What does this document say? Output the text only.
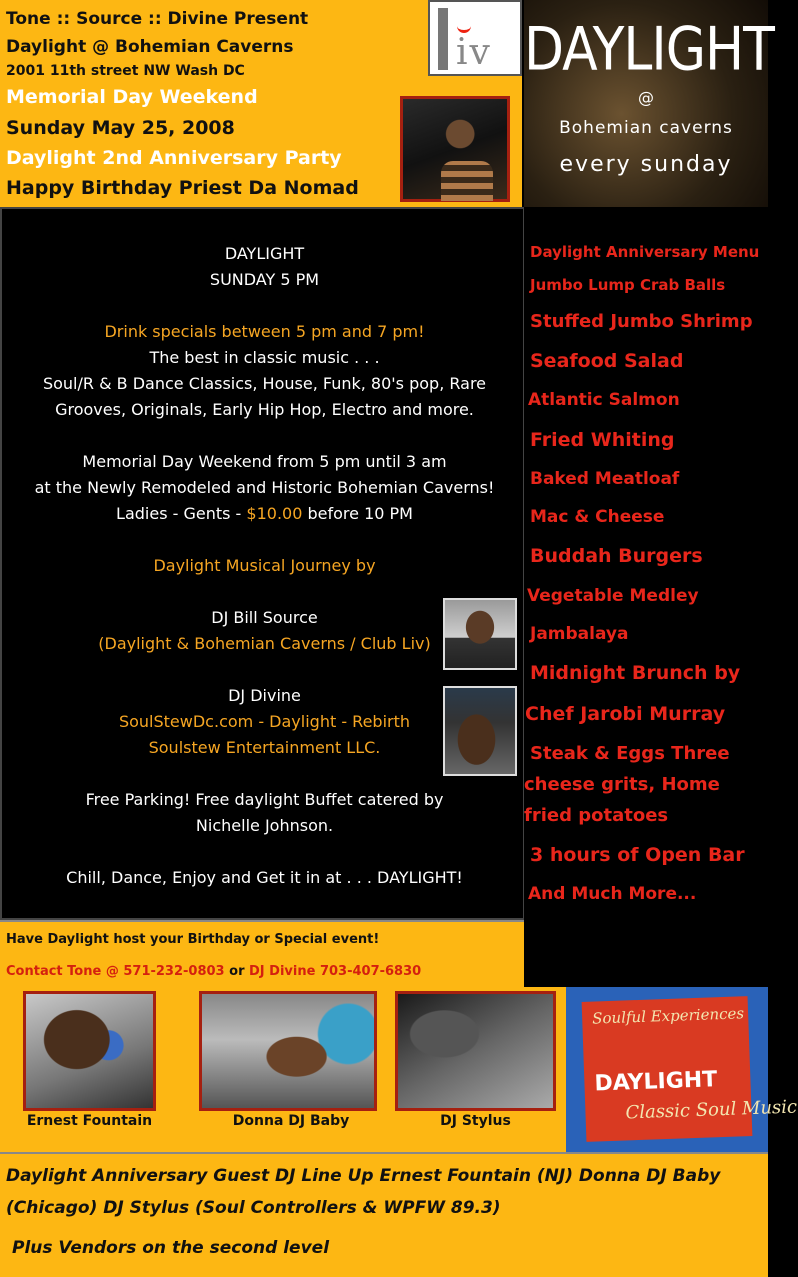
Tone :: Source :: Divine Present
Daylight @ Bohemian Caverns
2001 11th street NW Wash DC
Memorial Day Weekend
Sunday May 25, 2008
Daylight 2nd Anniversary Party
Happy Birthday Priest Da Nomad
iv DAYLIGHT
@
Bohemian caverns
every sunday
DAYLIGHT
SUNDAY 5 PM
Drink specials between 5 pm and 7 pm!
The best in classic music . . .
Soul/R & B Dance Classics, House, Funk, 80's pop, Rare
Grooves, Originals, Early Hip Hop, Electro and more.
Memorial Day Weekend from 5 pm until 3 am
at the Newly Remodeled and Historic Bohemian Caverns!
Ladies - Gents - $10.00 before 10 PM
Daylight Musical Journey by
DJ Bill Source
(Daylight & Bohemian Caverns / Club Liv)
DJ Divine
SoulStewDc.com - Daylight - Rebirth
Soulstew Entertainment LLC.
Free Parking! Free daylight Buffet catered by
Nichelle Johnson.
Chill, Dance, Enjoy and Get it in at . . . DAYLIGHT!
Daylight Anniversary Menu
Jumbo Lump Crab Balls
Stuffed Jumbo Shrimp
Seafood Salad
Atlantic Salmon
Fried Whiting
Baked Meatloaf
Mac & Cheese
Buddah Burgers
Vegetable Medley
Jambalaya
Midnight Brunch by
Chef Jarobi Murray
Steak & Eggs Three
cheese grits, Home
fried potatoes
3 hours of Open Bar
And Much More...
Have Daylight host your Birthday or Special event!
Contact Tone @ 571-232-0803 or DJ Divine 703-407-6830
Ernest Fountain	Donna DJ Baby	DJ Stylus
Soulful Experiences
DAYLIGHT
Classic Soul Music
Daylight Anniversary Guest DJ Line Up Ernest Fountain (NJ) Donna DJ Baby
(Chicago) DJ Stylus (Soul Controllers & WPFW 89.3)
Plus Vendors on the second level
